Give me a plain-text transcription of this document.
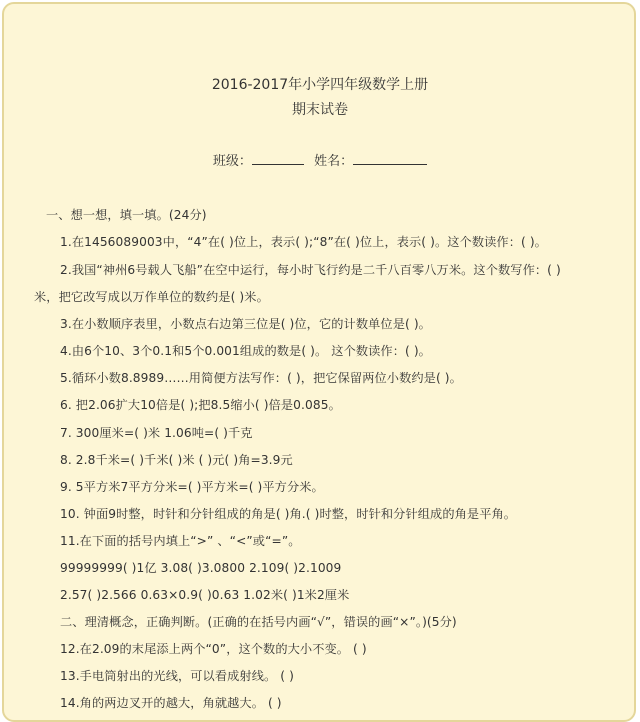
2016-2017年小学四年级数学上册
期末试卷
班级：	姓名：
一、想一想，填一填。(24分)
1.在1456089003中，“4”在( )位上，表示( );“8”在( )位上，表示( )。这个数读作：( )。
2.我国“神州6号载人飞船”在空中运行，每小时飞行约是二千八百零八万米。这个数写作：( )
米，把它改写成以万作单位的数约是( )米。
3.在小数顺序表里，小数点右边第三位是( )位，它的计数单位是( )。
4.由6个10、3个0.1和5个0.001组成的数是( )。 这个数读作：( )。
5.循环小数8.8989……用简便方法写作：( )，把它保留两位小数约是( )。
6. 把2.06扩大10倍是( );把8.5缩小( )倍是0.085。
7. 300厘米=( )米 1.06吨=( )千克
8. 2.8千米=( )千米( )米 ( )元( )角=3.9元
9. 5平方米7平方分米=( )平方米=( )平方分米。
10. 钟面9时整，时针和分针组成的角是( )角.( )时整，时针和分针组成的角是平角。
11.在下面的括号内填上“>” 、“<”或“=”。
99999999( )1亿 3.08( )3.0800 2.109( )2.1009
2.57( )2.566 0.63×0.9( )0.63 1.02米( )1米2厘米
二、理清概念，正确判断。(正确的在括号内画“√”，错误的画“×”。)(5分)
12.在2.09的末尾添上两个“0”，这个数的大小不变。 ( )
13.手电筒射出的光线，可以看成射线。 ( )
14.角的两边叉开的越大，角就越大。 ( )
